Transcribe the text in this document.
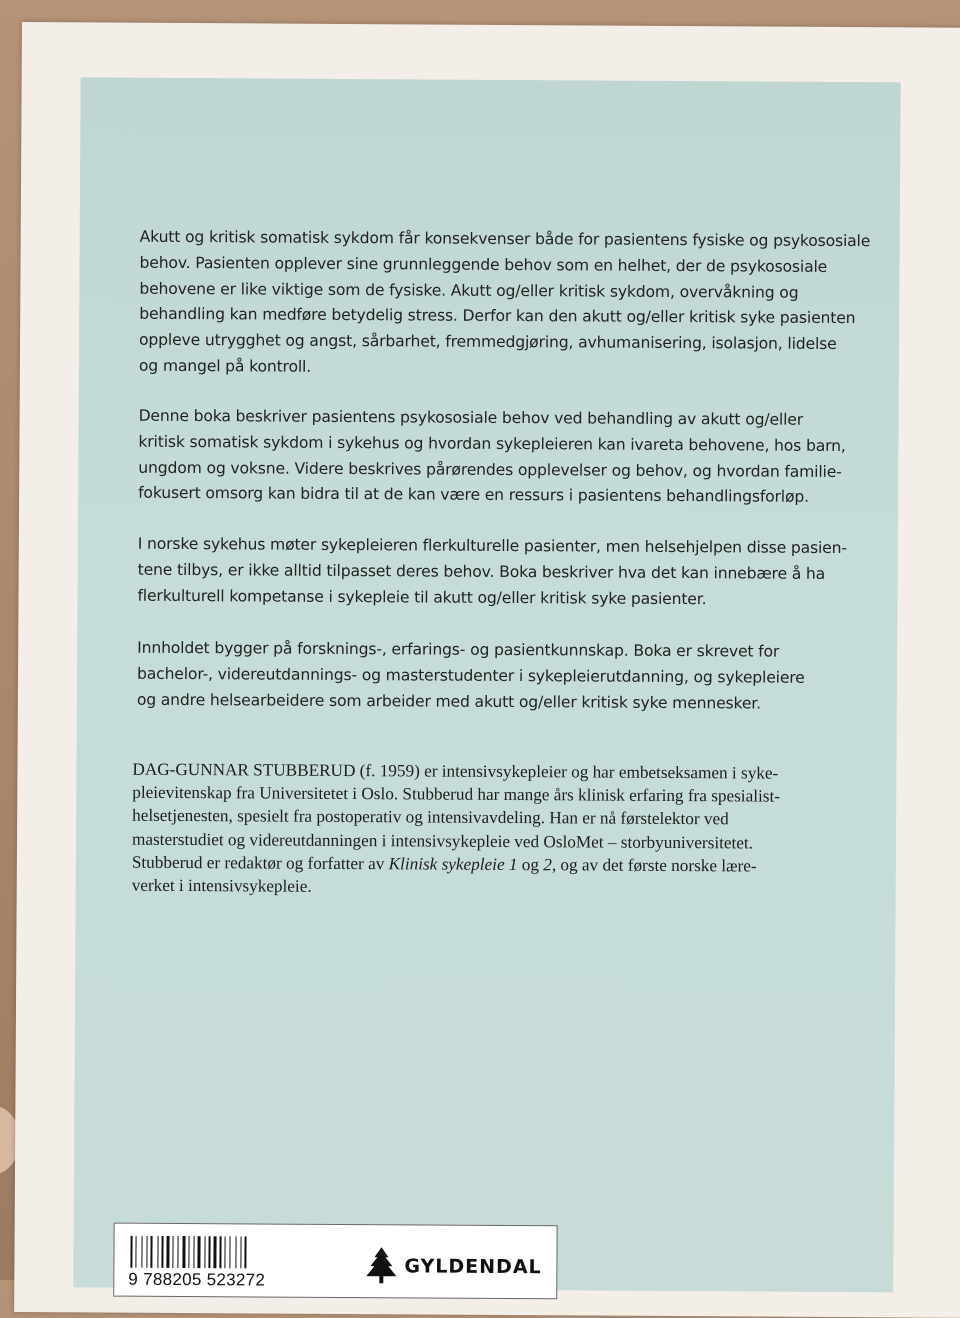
Akutt og kritisk somatisk sykdom får konsekvenser både for pasientens fysiske og psykososiale
behov. Pasienten opplever sine grunnleggende behov som en helhet, der de psykososiale
behovene er like viktige som de fysiske. Akutt og/eller kritisk sykdom, overvåkning og
behandling kan medføre betydelig stress. Derfor kan den akutt og/eller kritisk syke pasienten
oppleve utrygghet og angst, sårbarhet, fremmedgjøring, avhumanisering, isolasjon, lidelse
og mangel på kontroll.
Denne boka beskriver pasientens psykososiale behov ved behandling av akutt og/eller
kritisk somatisk sykdom i sykehus og hvordan sykepleieren kan ivareta behovene, hos barn,
ungdom og voksne. Videre beskrives pårørendes opplevelser og behov, og hvordan familie-
fokusert omsorg kan bidra til at de kan være en ressurs i pasientens behandlingsforløp.
I norske sykehus møter sykepleieren flerkulturelle pasienter, men helsehjelpen disse pasien-
tene tilbys, er ikke alltid tilpasset deres behov. Boka beskriver hva det kan innebære å ha
flerkulturell kompetanse i sykepleie til akutt og/eller kritisk syke pasienter.
Innholdet bygger på forsknings-, erfarings- og pasientkunnskap. Boka er skrevet for
bachelor-, videreutdannings- og masterstudenter i sykepleierutdanning, og sykepleiere
og andre helsearbeidere som arbeider med akutt og/eller kritisk syke mennesker.
DAG-GUNNAR STUBBERUD (f. 1959) er intensivsykepleier og har embetseksamen i syke-
pleievitenskap fra Universitetet i Oslo. Stubberud har mange års klinisk erfaring fra spesialist-
helsetjenesten, spesielt fra postoperativ og intensivavdeling. Han er nå førstelektor ved
masterstudiet og videreutdanningen i intensivsykepleie ved OsloMet – storbyuniversitetet.
Stubberud er redaktør og forfatter av Klinisk sykepleie 1 og 2, og av det første norske lære-
verket i intensivsykepleie.
9 788205 523272
GYLDENDAL
